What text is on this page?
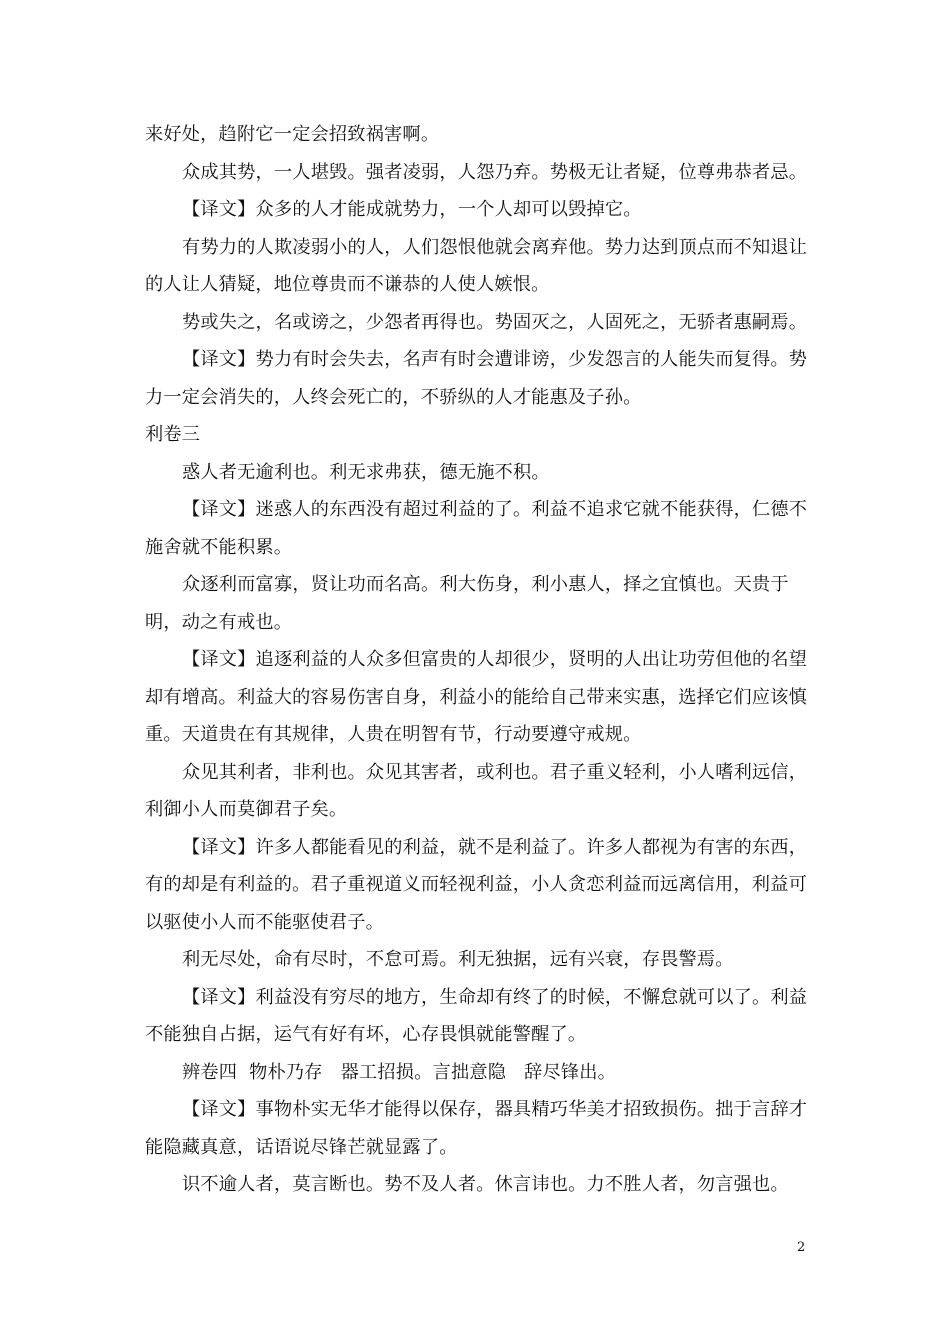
来好处，趋附它一定会招致祸害啊。

众成其势，一人堪毁。强者凌弱，人怨乃弃。势极无让者疑，位尊弗恭者忌。

【译文】众多的人才能成就势力，一个人却可以毁掉它。

有势力的人欺凌弱小的人，人们怨恨他就会离弃他。势力达到顶点而不知退让的人让人猜疑，地位尊贵而不谦恭的人使人嫉恨。

势或失之，名或谤之，少怨者再得也。势固灭之，人固死之，无骄者惠嗣焉。

【译文】势力有时会失去，名声有时会遭诽谤，少发怨言的人能失而复得。势力一定会消失的，人终会死亡的，不骄纵的人才能惠及子孙。

利卷三

惑人者无逾利也。利无求弗获，德无施不积。

【译文】迷惑人的东西没有超过利益的了。利益不追求它就不能获得，仁德不施舍就不能积累。

众逐利而富寡，贤让功而名高。利大伤身，利小惠人，择之宜慎也。天贵于明，动之有戒也。

【译文】追逐利益的人众多但富贵的人却很少，贤明的人出让功劳但他的名望却有增高。利益大的容易伤害自身，利益小的能给自己带来实惠，选择它们应该慎重。天道贵在有其规律，人贵在明智有节，行动要遵守戒规。

众见其利者，非利也。众见其害者，或利也。君子重义轻利，小人嗜利远信，利御小人而莫御君子矣。

【译文】许多人都能看见的利益，就不是利益了。许多人都视为有害的东西，有的却是有利益的。君子重视道义而轻视利益，小人贪恋利益而远离信用，利益可以驱使小人而不能驱使君子。

利无尽处，命有尽时，不怠可焉。利无独据，远有兴衰，存畏警焉。

【译文】利益没有穷尽的地方，生命却有终了的时候，不懈怠就可以了。利益不能独自占据，运气有好有坏，心存畏惧就能警醒了。

辨卷四  物朴乃存   器工招损。言拙意隐   辞尽锋出。

【译文】事物朴实无华才能得以保存，器具精巧华美才招致损伤。拙于言辞才能隐藏真意，话语说尽锋芒就显露了。

识不逾人者，莫言断也。势不及人者。休言讳也。力不胜人者，勿言强也。

2
